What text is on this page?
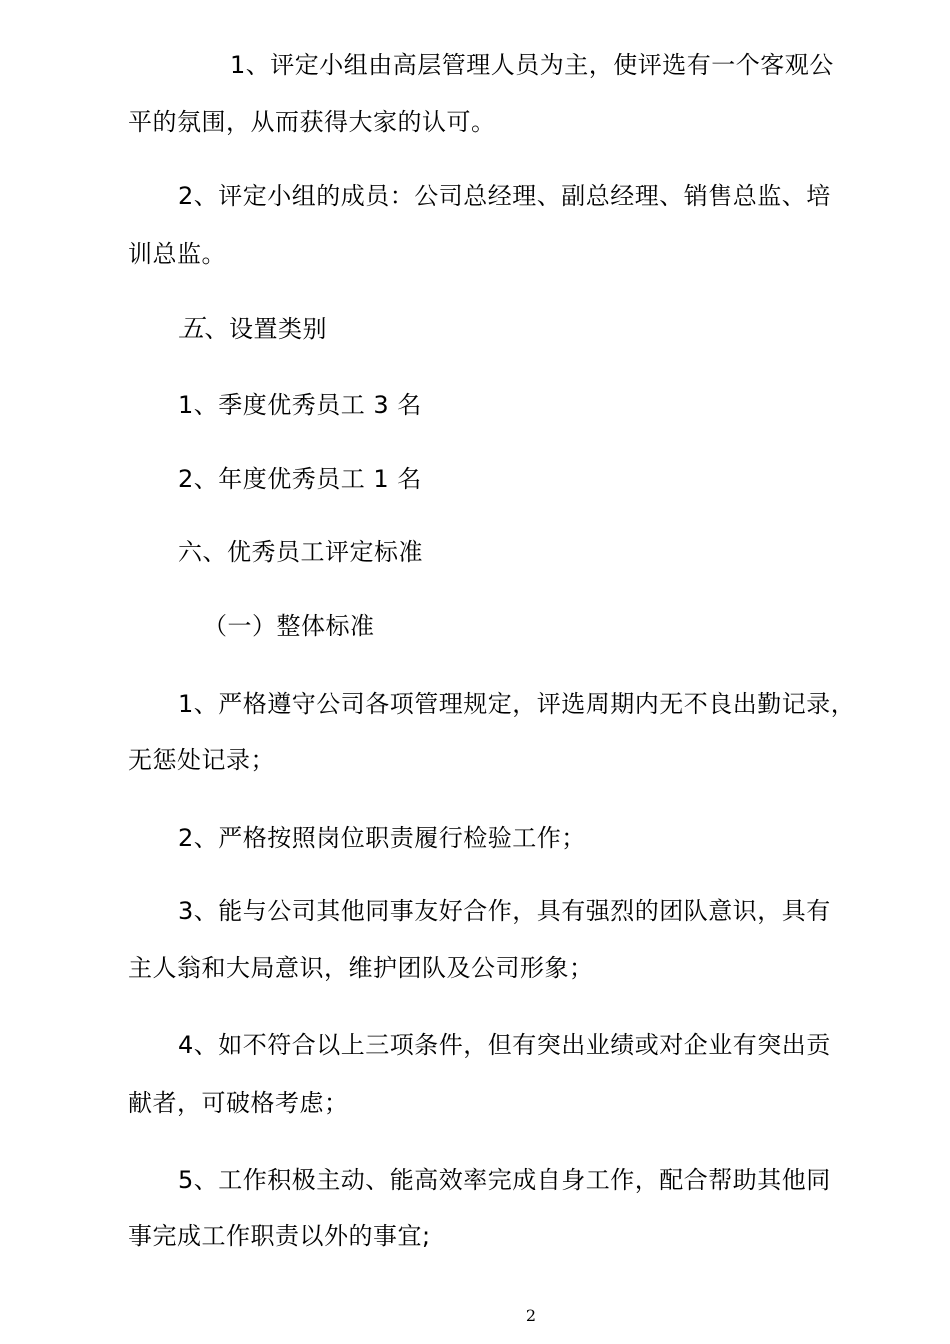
1、评定小组由高层管理人员为主，使评选有一个客观公
平的氛围，从而获得大家的认可。
2、评定小组的成员：公司总经理、副总经理、销售总监、培
训总监。
五、设置类别
1、季度优秀员工 3 名
2、年度优秀员工 1 名
六、优秀员工评定标准
（一）整体标准
1、严格遵守公司各项管理规定，评选周期内无不良出勤记录，
无惩处记录；
2、严格按照岗位职责履行检验工作；
3、能与公司其他同事友好合作，具有强烈的团队意识，具有
主人翁和大局意识，维护团队及公司形象；
4、如不符合以上三项条件，但有突出业绩或对企业有突出贡
献者，可破格考虑；
5、工作积极主动、能高效率完成自身工作，配合帮助其他同
事完成工作职责以外的事宜;
2
